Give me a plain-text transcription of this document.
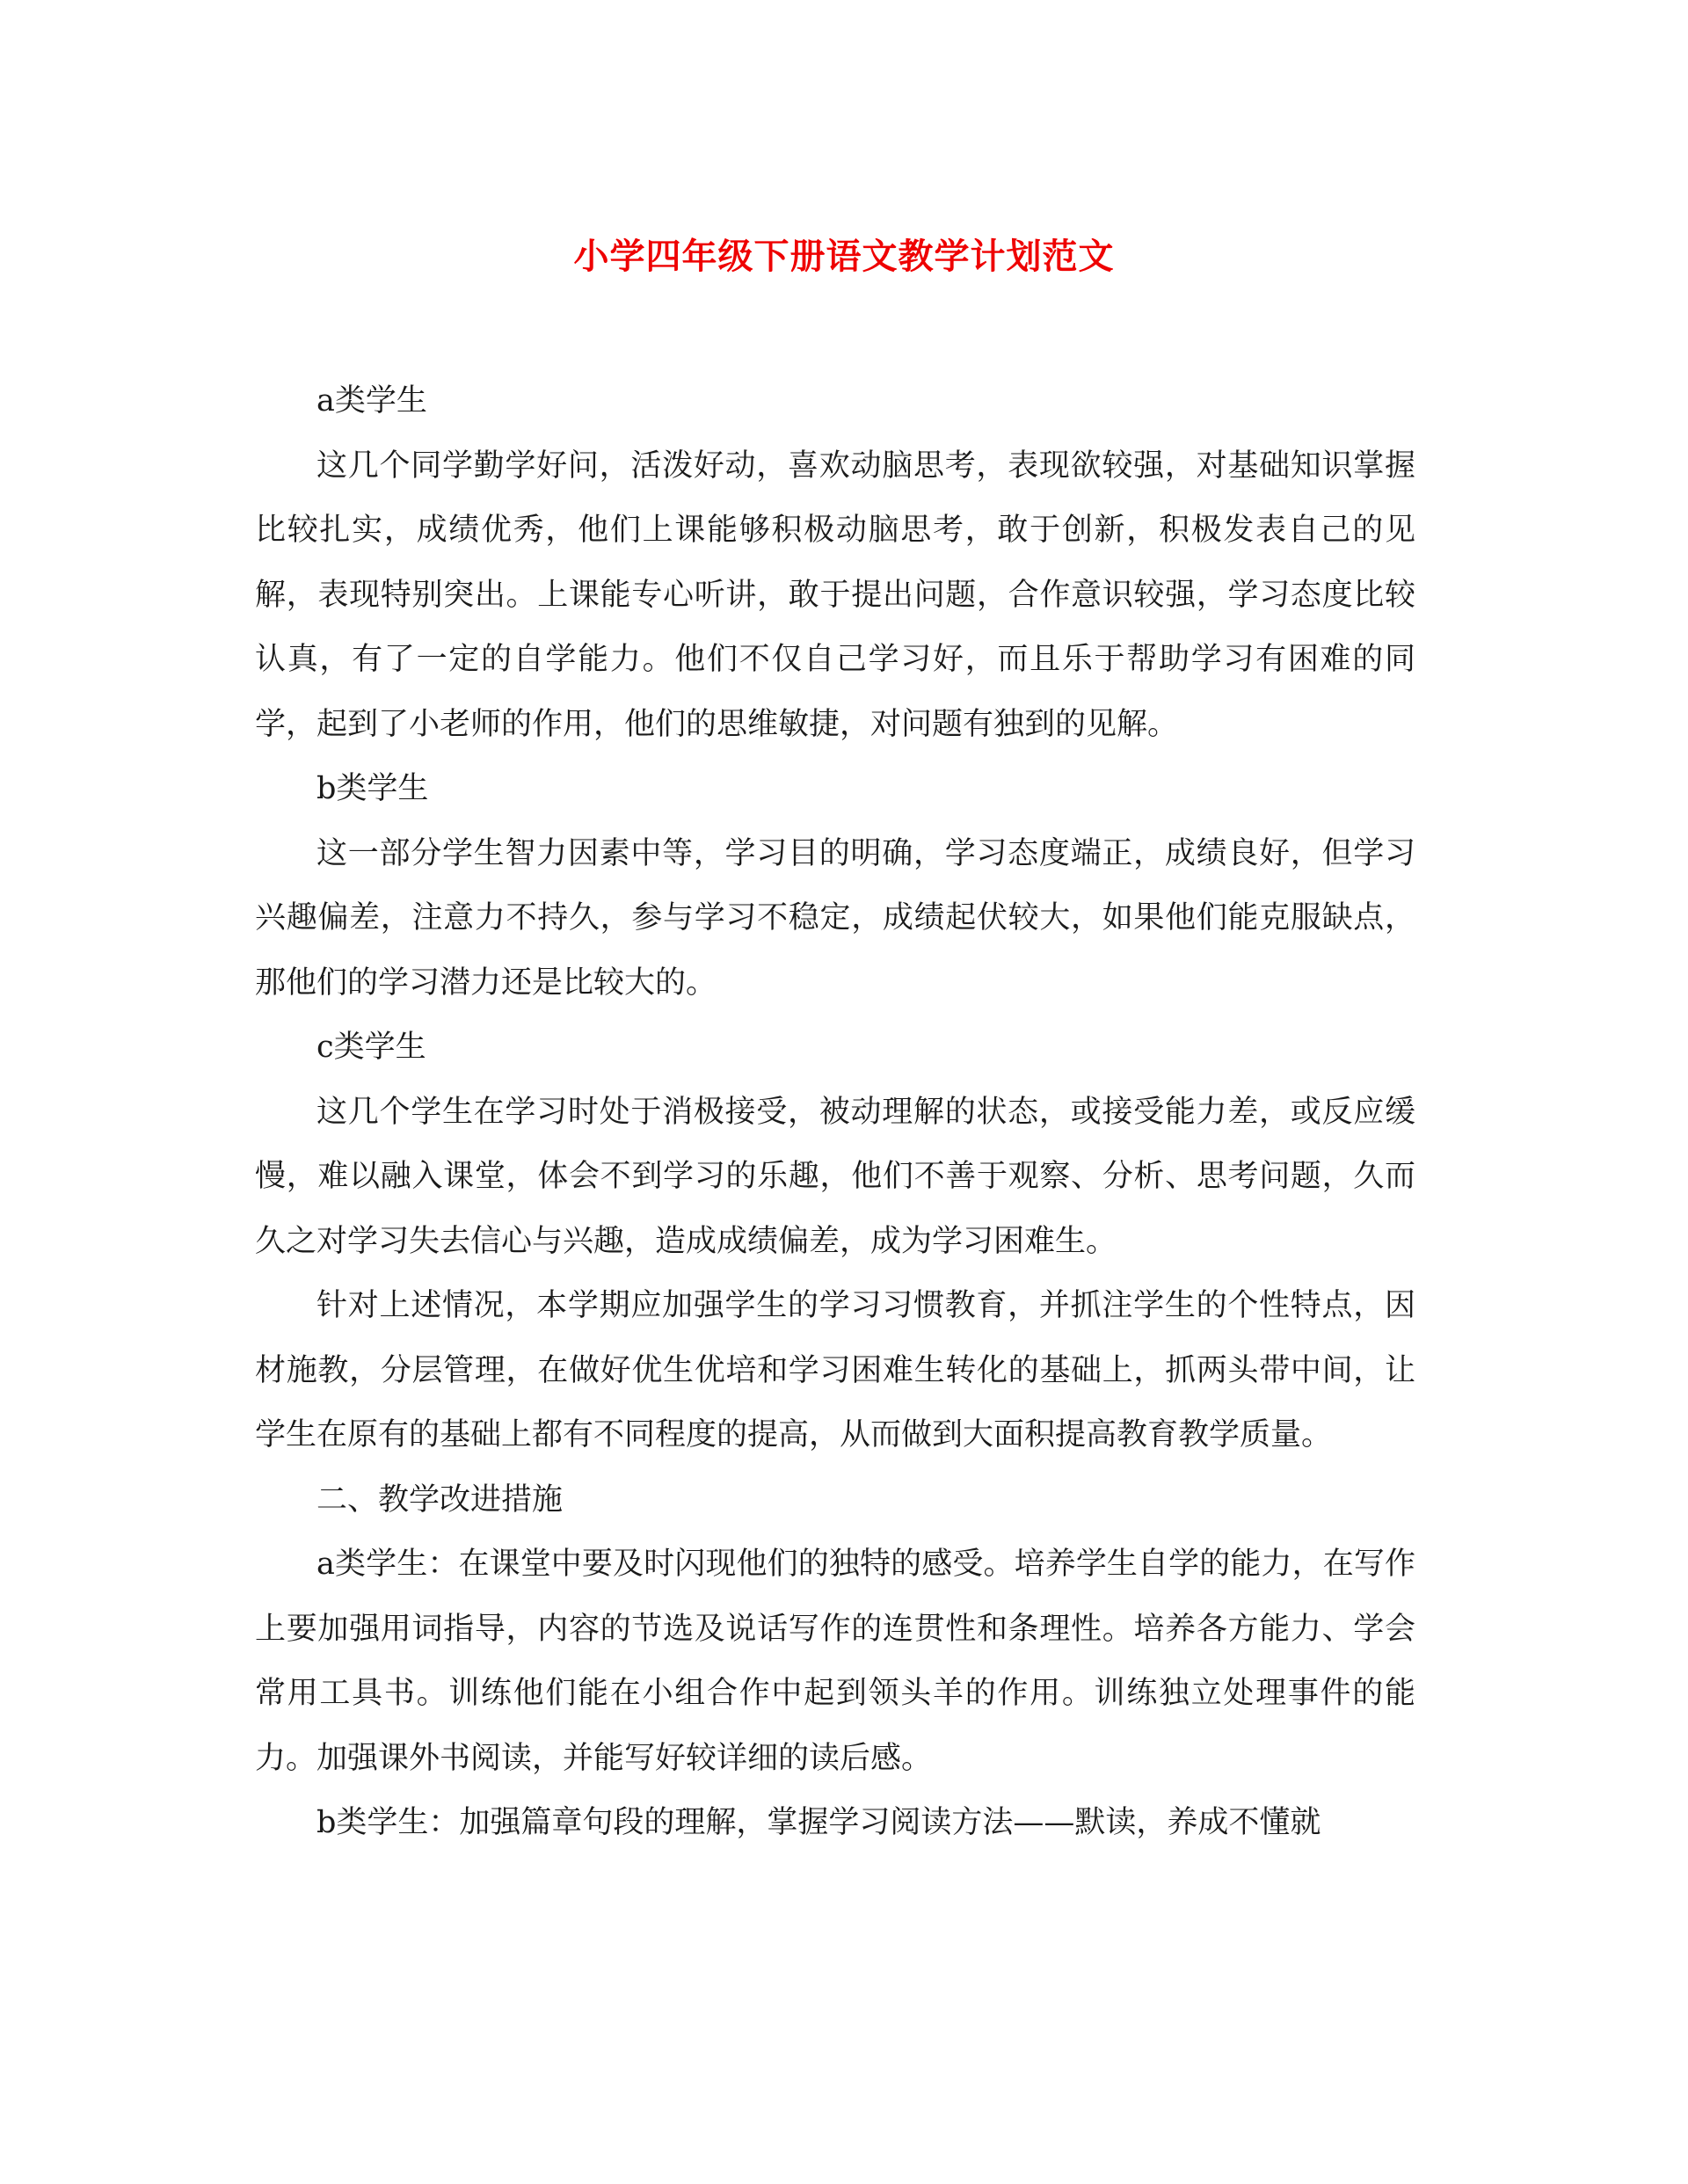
小学四年级下册语文教学计划范文

a类学生

这几个同学勤学好问，活泼好动，喜欢动脑思考，表现欲较强，对基础知识掌握比较扎实，成绩优秀，他们上课能够积极动脑思考，敢于创新，积极发表自己的见解，表现特别突出。上课能专心听讲，敢于提出问题，合作意识较强，学习态度比较认真，有了一定的自学能力。他们不仅自己学习好，而且乐于帮助学习有困难的同学，起到了小老师的作用，他们的思维敏捷，对问题有独到的见解。

b类学生

这一部分学生智力因素中等，学习目的明确，学习态度端正，成绩良好，但学习兴趣偏差，注意力不持久，参与学习不稳定，成绩起伏较大，如果他们能克服缺点，那他们的学习潜力还是比较大的。

c类学生

这几个学生在学习时处于消极接受，被动理解的状态，或接受能力差，或反应缓慢，难以融入课堂，体会不到学习的乐趣，他们不善于观察、分析、思考问题，久而久之对学习失去信心与兴趣，造成成绩偏差，成为学习困难生。

针对上述情况，本学期应加强学生的学习习惯教育，并抓注学生的个性特点，因材施教，分层管理，在做好优生优培和学习困难生转化的基础上，抓两头带中间，让学生在原有的基础上都有不同程度的提高，从而做到大面积提高教育教学质量。

二、教学改进措施

a类学生：在课堂中要及时闪现他们的独特的感受。培养学生自学的能力，在写作上要加强用词指导，内容的节选及说话写作的连贯性和条理性。培养各方能力、学会常用工具书。训练他们能在小组合作中起到领头羊的作用。训练独立处理事件的能力。加强课外书阅读，并能写好较详细的读后感。

b类学生：加强篇章句段的理解，掌握学习阅读方法——默读，养成不懂就
